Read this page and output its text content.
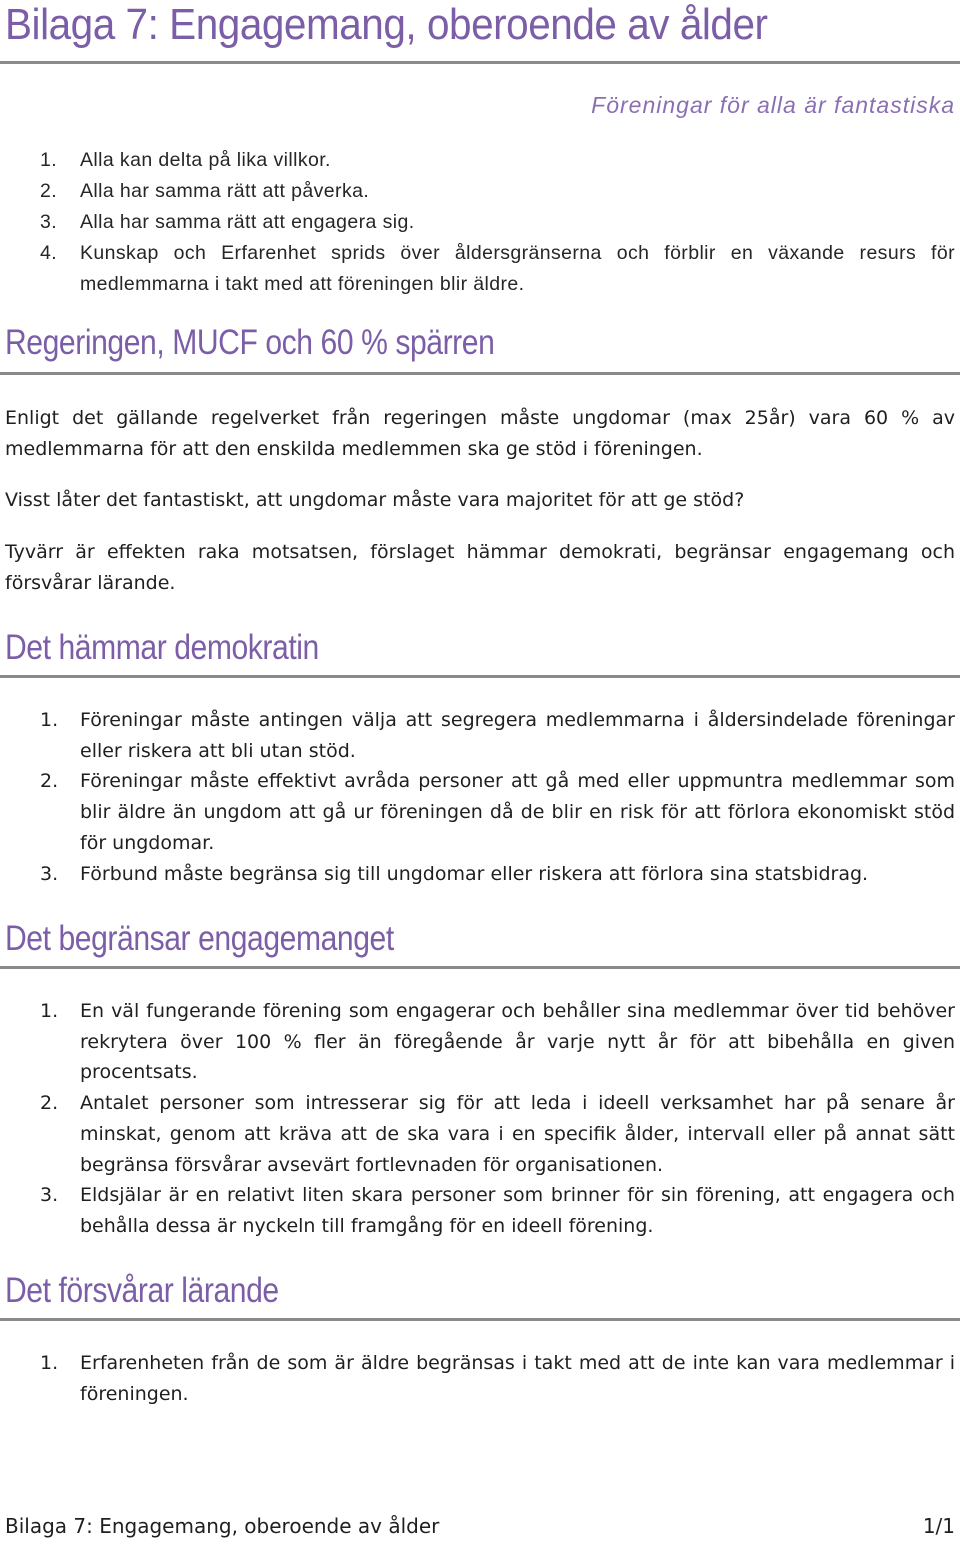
Bilaga 7: Engagemang, oberoende av ålder
Föreningar för alla är fantastiska
1. Alla kan delta på lika villkor.
2. Alla har samma rätt att påverka.
3. Alla har samma rätt att engagera sig.
4. Kunskap och Erfarenhet sprids över åldersgränserna och förblir en växande resurs för medlemmarna i takt med att föreningen blir äldre.
Regeringen, MUCF och 60 % spärren

Enligt det gällande regelverket från regeringen måste ungdomar (max 25år) vara 60 % av medlemmarna för att den enskilda medlemmen ska ge stöd i föreningen.

Visst låter det fantastiskt, att ungdomar måste vara majoritet för att ge stöd?

Tyvärr är effekten raka motsatsen, förslaget hämmar demokrati, begränsar engagemang och försvårar lärande.

Det hämmar demokratin
1. Föreningar måste antingen välja att segregera medlemmarna i åldersindelade föreningar eller riskera att bli utan stöd.
2. Föreningar måste effektivt avråda personer att gå med eller uppmuntra medlemmar som blir äldre än ungdom att gå ur föreningen då de blir en risk för att förlora ekonomiskt stöd för ungdomar.
3. Förbund måste begränsa sig till ungdomar eller riskera att förlora sina statsbidrag.
Det begränsar engagemanget
1. En väl fungerande förening som engagerar och behåller sina medlemmar över tid behöver rekrytera över 100 % fler än föregående år varje nytt år för att bibehålla en given procentsats.
2. Antalet personer som intresserar sig för att leda i ideell verksamhet har på senare år minskat, genom att kräva att de ska vara i en specifik ålder, intervall eller på annat sätt begränsa försvårar avsevärt fortlevnaden för organisationen.
3. Eldsjälar är en relativt liten skara personer som brinner för sin förening, att engagera och behålla dessa är nyckeln till framgång för en ideell förening.
Det försvårar lärande
1. Erfarenheten från de som är äldre begränsas i takt med att de inte kan vara medlemmar i föreningen.
Bilaga 7: Engagemang, oberoende av ålder	1/1
